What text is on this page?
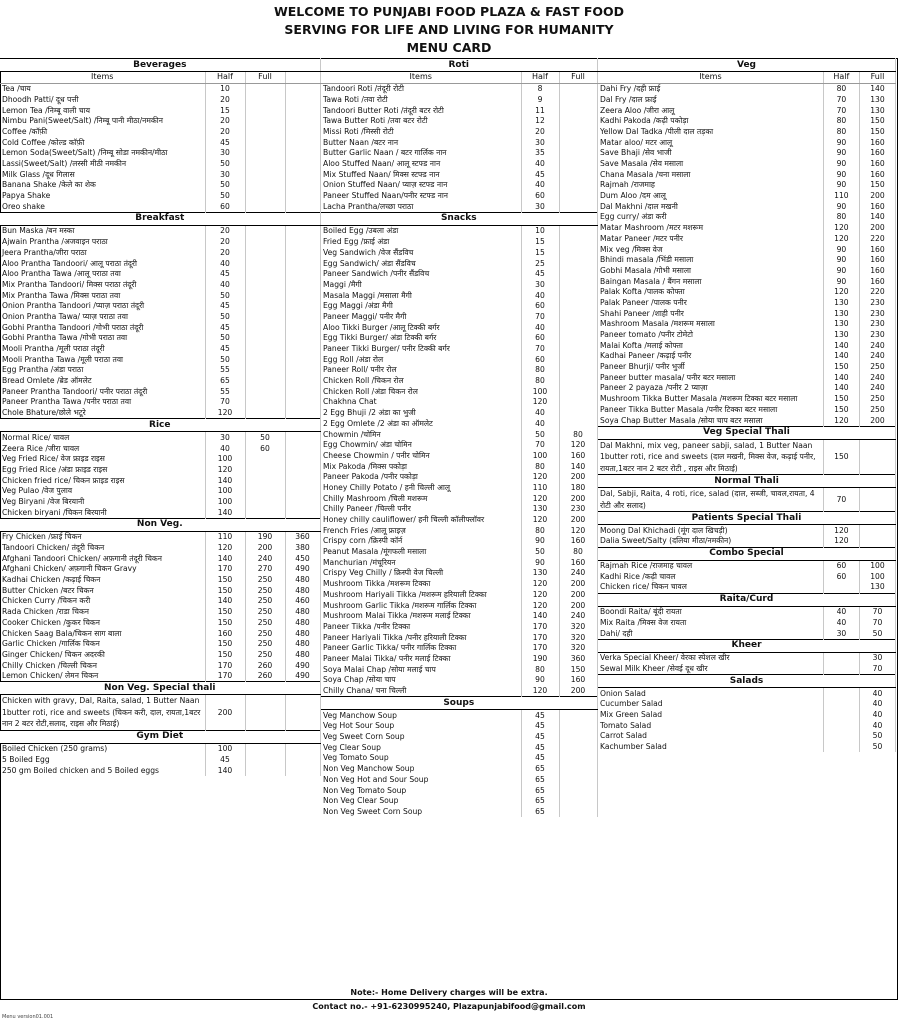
WELCOME TO PUNJABI FOOD PLAZA & FAST FOOD
SERVING FOR LIFE AND LIVING FOR HUMANITY
MENU CARD
Beverages			
Items	Half	Full	
Tea /चाय	10		
Dhoodh Patti/ दूध पत्ती	20		
Lemon Tea /निम्बू वाली चाय	15		
Nimbu Pani(Sweet/Salt) /निम्बू पानी मीठा/नमकीन	20		
Coffee /कॉफ़ी	20		
Cold Coffee /कोल्ड कॉफ़ी	45		
Lemon Soda(Sweet/Salt) /निम्बू सोडा नमकीन/मीठा	30		
Lassi(Sweet/Salt) /लस्सी मीठी नमकीन	50		
Milk Glass /दूध गिलास	30		
Banana Shake /केले का शेक	50		
Papya Shake	50		
Oreo shake	60		
Breakfast			
Bun Maska /बन मस्का	20		
Ajwain Prantha /अजवाइन पराठा	20		
Jeera Prantha/जीरा पराठा	20		
Aloo Prantha Tandoori/ आलू पराठा तंदूरी	40		
Aloo Prantha Tawa /आलू पराठा तवा	45		
Mix Prantha Tandoori/ मिक्स पराठा तंदूरी	40		
Mix Prantha Tawa /मिक्स पराठा तवा	50		
Onion Prantha Tandoori /प्याज़ पराठा तंदूरी	45		
Onion Prantha Tawa/ प्याज़ पराठा तवा	50		
Gobhi Prantha Tandoori /गोभी पराठा तंदूरी	45		
Gobhi Prantha Tawa /गोभी पराठा तवा	50		
Mooli Prantha /मूली पराठा तंदूरी	45		
Mooli Prantha Tawa /मूली पराठा तवा	50		
Egg Prantha /अंडा पराठा	55		
Bread Omlete /ब्रेड ऑमलेट	65		
Paneer Prantha Tandoori/ पनीर पराठा तंदूरी	55		
Paneer Prantha Tawa /पनीर पराठा तवा	70		
Chole Bhature/छोले भटूरे	120		
Rice			
Normal Rice/ चावल	30	50	
Zeera Rice /जीरा चावल	40	60	
Veg Fried Rice/ वेज फ्राइड राइस	100		
Egg Fried Rice /अंडा फ्राइड राइस	120		
Chicken fried rice/ चिकन फ्राइड राइस	140		
Veg Pulao /वेज पुलाव	100		
Veg Biryani /वेज बिरयानी	100		
Chicken biryani /चिकन बिरयानी	140		
Non Veg.			
Fry Chicken /फ्राई चिकन	110	190	360
Tandoori Chicken/ तंदूरी चिकन	120	200	380
Afghani Tandoori Chicken/ अफ़गानी तंदूरी चिकन	140	240	450
Afghani Chicken/ अफ़गानी चिकन Gravy	170	270	490
Kadhai Chicken /कढ़ाई चिकन	150	250	480
Butter Chicken /बटर चिकन	150	250	480
Chicken Curry /चिकन करी	140	250	460
Rada Chicken /राडा चिकन	150	250	480
Cooker Chicken /कुकर चिकन	150	250	480
Chicken Saag Bala/चिकन साग बाला	160	250	480
Garlic Chicken /गार्लिक चिकन	150	250	480
Ginger Chicken/ चिकन अदरकी	150	250	480
Chilly Chicken /चिल्ली चिकन	170	260	490
Lemon Chicken/ लेमन चिकन	170	260	490
Non Veg. Special thali			
Chicken with gravy, Dal, Raita, salad, 1 Butter Naan 1butter roti, rice and sweets (चिकन करी, दाल, रायता,1बटर नान 2 बटर रोटी,सलाद, राइस और मिठाई)	200		
Gym Diet			
Boiled Chicken (250 grams)	100		
5 Boiled Egg	45		
250 gm Boiled chicken and 5 Boiled eggs	140		
Roti		
Items	Half	Full
Tandoori Roti /तंदूरी रोटी	8	
Tawa Roti /तवा रोटी	9	
Tandoori Butter Roti /तंदूरी बटर रोटी	11	
Tawa Butter Roti /तवा बटर रोटी	12	
Missi Roti /मिस्सी रोटी	20	
Butter Naan /बटर नान	30	
Butter Garlic Naan / बटर गार्लिक नान	35	
Aloo Stuffed Naan/ आलू स्टफ्ड नान	40	
Mix Stuffed Naan/ मिक्स स्टफ्ड नान	45	
Onion Stuffed Naan/ प्याज़ स्टफ्ड नान	40	
Paneer Stuffed Naan/पनीर स्टफ्ड नान	60	
Lacha Prantha/लच्छा पराठा	30	
Snacks		
Boiled Egg /उबला अंडा	10	
Fried Egg /फ्राई अंडा	15	
Veg Sandwich /वेज सैंडविच	15	
Egg Sandwich/ अंडा सैंडविच	25	
Paneer Sandwich /पनीर सैंडविच	45	
Maggi /मैगी	30	
Masala Maggi /मसाला मैगी	40	
Egg Maggi /अंडा मैगी	60	
Paneer Maggi/ पनीर मैगी	70	
Aloo Tikki Burger /आलू टिक्की बर्गर	40	
Egg Tikki Burger/ अंडा टिक्की बर्गर	60	
Paneer Tikki Burger/ पनीर टिक्की बर्गर	70	
Egg Roll /अंडा रोल	60	
Paneer Roll/ पनीर रोल	80	
Chicken Roll /चिकन रोल	80	
Chicken Roll /अंडा चिकन रोल	100	
Chakhna Chat	120	
2 Egg Bhuji /2 अंडा का भुजी	40	
2 Egg Omlete /2 अंडा का ऑमलेट	40	
Chowmin /चोमिन	50	80
Egg Chowmin/ अंडा चोमिन	70	120
Cheese Chowmin / पनीर चोमिन	100	160
Mix Pakoda /मिक्स पकोड़ा	80	140
Paneer Pakoda /पनीर पकोड़ा	120	200
Honey Chilly Potato / हनी चिल्ली आलू	110	180
Chilly Mashroom /चिली मशरूम	120	200
Chilly Paneer /चिल्ली पनीर	130	230
Honey chilly cauliflower/ हनी चिल्ली कॉलीफ्लॉवर	120	200
French Fries /आलू फ्राइज़	80	120
Crispy corn /क्रिस्पी कॉर्न	90	160
Peanut Masala /मूंगफली मसाला	50	80
Manchurian /मंचूरियन	90	160
Crispy Veg Chilly / क्रिस्पी वेज चिल्ली	130	240
Mushroom Tikka /मशरूम टिक्का	120	200
Mushroom Hariyali Tikka /मशरूम हरियाली टिक्का	120	200
Mushroom Garlic Tikka /मशरूम गार्लिक टिक्का	120	200
Mushroom Malai Tikka /मशरूम मलाई टिक्का	140	240
Paneer Tikka /पनीर टिक्का	170	320
Paneer Hariyali Tikka /पनीर हरियाली टिक्का	170	320
Paneer Garlic Tikka/ पनीर गार्लिक टिक्का	170	320
Paneer Malai Tikka/ पनीर मलाई टिक्का	190	360
Soya Malai Chap /सोया मलाई चाप	80	150
Soya Chap /सोया चाप	90	160
Chilly Chana/ चना चिल्ली	120	200
Soups		
Veg Manchow Soup	45	
Veg Hot Sour Soup	45	
Veg Sweet Corn Soup	45	
Veg Clear Soup	45	
Veg Tomato Soup	45	
Non Veg Manchow Soup	65	
Non Veg Hot and Sour Soup	65	
Non Veg Tomato Soup	65	
Non Veg Clear Soup	65	
Non Veg Sweet Corn Soup	65	
Veg		
Items	Half	Full
Dahi Fry /दही फ्राई	80	140
Dal Fry /दाल फ्राई	70	130
Zeera Aloo /जीरा आलू	70	130
Kadhi Pakoda /कढ़ी पकोड़ा	80	150
Yellow Dal Tadka /पीली दाल तड़का	80	150
Matar aloo/ मटर आलू	90	160
Save Bhaji /सेव भाजी	90	160
Save Masala /सेव मसाला	90	160
Chana Masala /चना मसाला	90	160
Rajmah /राजमाह	90	150
Dum Aloo /दम आलू	110	200
Dal Makhni /दाल मखनी	90	160
Egg curry/ अंडा करी	80	140
Matar Mashroom /मटर मशरूम	120	200
Matar Paneer /मटर पनीर	120	220
Mix veg /मिक्स वेज	90	160
Bhindi masala /भिंडी मसाला	90	160
Gobhi Masala /गोभी मसाला	90	160
Baingan Masala / बैंगन मसाला	90	160
Palak Kofta /पालक कोफ्ता	120	220
Palak Paneer /पालक पनीर	130	230
Shahi Paneer /शाही पनीर	130	230
Mashroom Masala /मशरूम मसाला	130	230
Paneer tomato /पनीर टोमेटो	130	230
Malai Kofta /मलाई कोफ्ता	140	240
Kadhai Paneer /कढ़ाई पनीर	140	240
Paneer Bhurji/ पनीर भुर्जी	150	250
Paneer butter masala/ पनीर बटर मसाला	140	240
Paneer 2 payaza /पनीर 2 प्याज़ा	140	240
Mushroom Tikka Butter Masala /मशरूम टिक्का बटर मसाला	150	250
Paneer Tikka Butter Masala /पनीर टिक्का बटर मसाला	150	250
Soya Chap Butter Masala /सोया चाप बटर मसाला	120	200
Veg Special Thali		
Dal Makhni, mix veg, paneer sabji, salad, 1 Butter Naan 1butter roti, rice and sweets (दाल मखनी, मिक्स वेज, कढ़ाई पनीर, रायता,1बटर नान 2 बटर रोटी , राइस और मिठाई)	150	
Normal Thali		
Dal, Sabji, Raita, 4 roti, rice, salad (दाल, सब्जी, चावल,रायता, 4 रोटी और सलाद)	70	
Patients Special Thali		
Moong Dal Khichadi (मूंग दाल खिचड़ी)	120	
Dalia Sweet/Salty (दलिया मीठा/नमकीन)	120	
Combo Special		
Rajmah Rice /राजमाह चावल	60	100
Kadhi Rice /कढ़ी चावल	60	100
Chicken rice/ चिकन चावल		130
Raita/Curd		
Boondi Raita/ बूंदी रायता	40	70
Mix Raita /मिक्स वेज रायता	40	70
Dahi/ दही	30	50
Kheer		
Verka Special Kheer/ वेरका स्पेशल खीर		30
Sewal Milk Kheer /सेवई दूध खीर		70
Salads		
Onion Salad		40
Cucumber Salad		40
Mix Green Salad		40
Tomato Salad		40
Carrot Salad		50
Kachumber Salad		50
Note:- Home Delivery charges will be extra.
Contact no.- +91-6230995240, Plazapunjabifood@gmail.com
Menu version01.001
